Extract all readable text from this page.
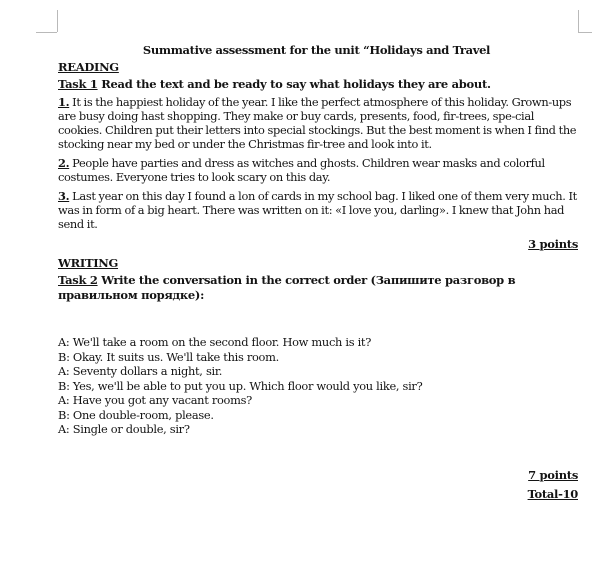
Summative assessment for the unit “Holidays and Travel
READING
Task 1 Read the text and be ready to say what holidays they are about.
1. It is the happiest holiday of the year. I like the perfect atmosphere of this holiday. Grown-ups are busy doing hast shopping. They make or buy cards, presents, food, fir-trees, spe-cial cookies. Children put their letters into special stockings. But the best moment is when I find the stocking near my bed or under the Christmas fir-tree and look into it.
2. People have parties and dress as witches and ghosts. Children wear masks and colorful costumes. Everyone tries to look scary on this day.
3. Last year on this day I found a lon of cards in my school bag. I liked one of them very much. It was in form of a big heart. There was written on it: «I love you, darling». I knew that John had send it.
3 points
WRITING
Task 2 Write the conversation in the correct order (Запишите разговор в правильном порядке):
A: We'll take a room on the second floor. How much is it?
B: Okay. It suits us. We'll take this room.
A: Seventy dollars a night, sir.
B: Yes, we'll be able to put you up. Which floor would you like, sir?
A: Have you got any vacant rooms?
B: One double-room, please.
A: Single or double, sir?
7 points
Total-10
